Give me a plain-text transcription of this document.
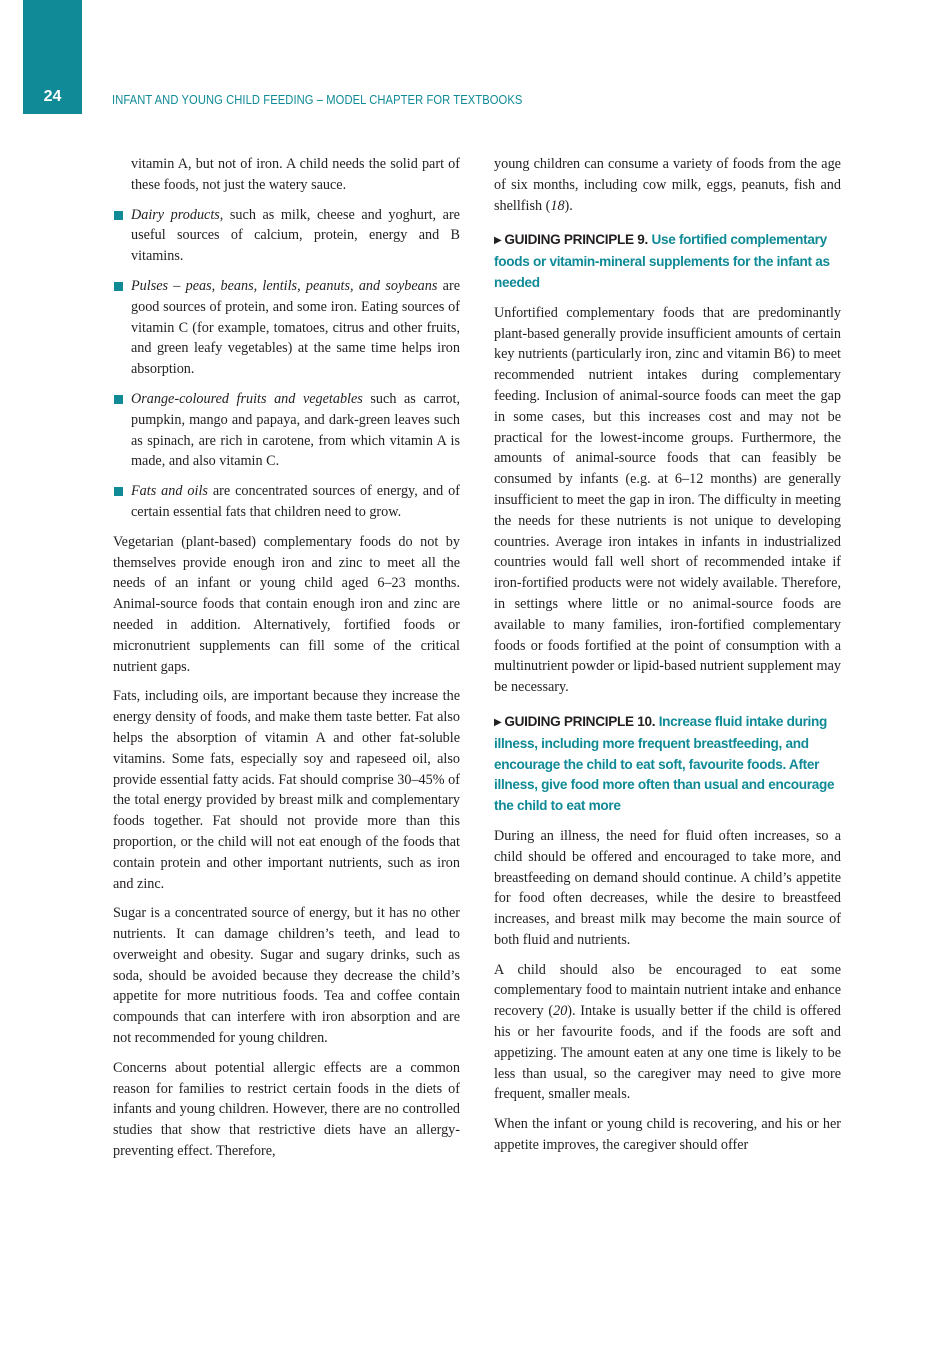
24	INFANT AND YOUNG CHILD FEEDING – MODEL CHAPTER FOR TEXTBOOKS

vitamin A, but not of iron. A child needs the solid part of these foods, not just the watery sauce.

Dairy products, such as milk, cheese and yoghurt, are useful sources of calcium, protein, energy and B vitamins.
Pulses – peas, beans, lentils, peanuts, and soybeans are good sources of protein, and some iron. Eating sources of vitamin C (for example, tomatoes, citrus and other fruits, and green leafy vegetables) at the same time helps iron absorption.
Orange-coloured fruits and vegetables such as carrot, pumpkin, mango and papaya, and dark-green leaves such as spinach, are rich in carotene, from which vitamin A is made, and also vitamin C.
Fats and oils are concentrated sources of energy, and of certain essential fats that children need to grow.

Vegetarian (plant-based) complementary foods do not by themselves provide enough iron and zinc to meet all the needs of an infant or young child aged 6–23 months. Animal-source foods that contain enough iron and zinc are needed in addition. Alternatively, fortified foods or micronutrient supplements can fill some of the critical nutrient gaps.

Fats, including oils, are important because they increase the energy density of foods, and make them taste better. Fat also helps the absorption of vitamin A and other fat-soluble vitamins. Some fats, especially soy and rapeseed oil, also provide essential fatty acids. Fat should comprise 30–45% of the total energy provided by breast milk and complementary foods together. Fat should not provide more than this proportion, or the child will not eat enough of the foods that contain protein and other important nutrients, such as iron and zinc.

Sugar is a concentrated source of energy, but it has no other nutrients. It can damage children’s teeth, and lead to overweight and obesity. Sugar and sugary drinks, such as soda, should be avoided because they decrease the child’s appetite for more nutritious foods. Tea and coffee contain compounds that can interfere with iron absorption and are not recommended for young children.

Concerns about potential allergic effects are a common reason for families to restrict certain foods in the diets of infants and young children. However, there are no controlled studies that show that restrictive diets have an allergy-preventing effect. Therefore,

young children can consume a variety of foods from the age of six months, including cow milk, eggs, peanuts, fish and shellfish (18).

▶ GUIDING PRINCIPLE 9. Use fortified complementary foods or vitamin-mineral supplements for the infant as needed

Unfortified complementary foods that are predominantly plant-based generally provide insufficient amounts of certain key nutrients (particularly iron, zinc and vitamin B6) to meet recommended nutrient intakes during complementary feeding. Inclusion of animal-source foods can meet the gap in some cases, but this increases cost and may not be practical for the lowest-income groups. Furthermore, the amounts of animal-source foods that can feasibly be consumed by infants (e.g. at 6–12 months) are generally insufficient to meet the gap in iron. The difficulty in meeting the needs for these nutrients is not unique to developing countries. Average iron intakes in infants in industrialized countries would fall well short of recommended intake if iron-fortified products were not widely available. Therefore, in settings where little or no animal-source foods are available to many families, iron-fortified complementary foods or foods fortified at the point of consumption with a multinutrient powder or lipid-based nutrient supplement may be necessary.

▶ GUIDING PRINCIPLE 10. Increase fluid intake during illness, including more frequent breastfeeding, and encourage the child to eat soft, favourite foods. After illness, give food more often than usual and encourage the child to eat more

During an illness, the need for fluid often increases, so a child should be offered and encouraged to take more, and breastfeeding on demand should continue. A child’s appetite for food often decreases, while the desire to breastfeed increases, and breast milk may become the main source of both fluid and nutrients.

A child should also be encouraged to eat some complementary food to maintain nutrient intake and enhance recovery (20). Intake is usually better if the child is offered his or her favourite foods, and if the foods are soft and appetizing. The amount eaten at any one time is likely to be less than usual, so the caregiver may need to give more frequent, smaller meals.

When the infant or young child is recovering, and his or her appetite improves, the caregiver should offer
